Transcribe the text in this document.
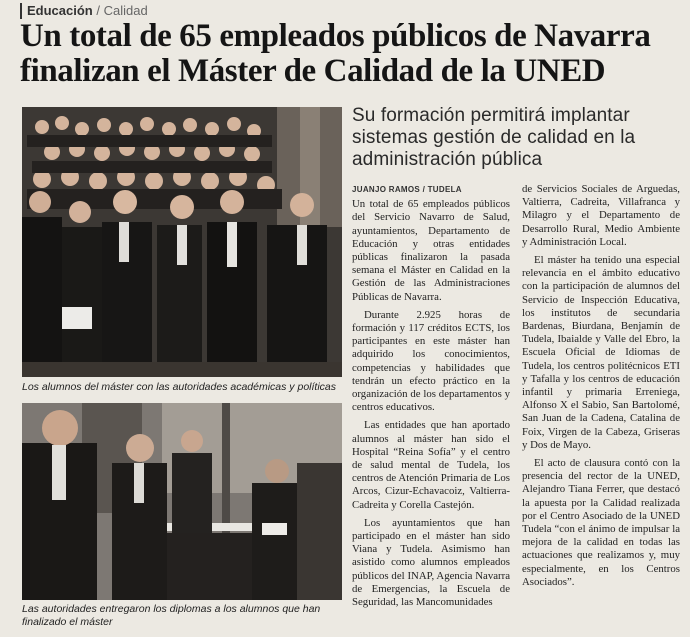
Educación / Calidad
Un total de 65 empleados públicos de Navarra
finalizan el Máster de Calidad de la UNED
Su formación permitirá implantar sistemas gestión de calidad en la administración pública
Los alumnos del máster con las autoridades académicas y políticas
Las autoridades entregaron los diplomas a los alumnos que han finalizado el máster
JUANJO RAMOS / TUDELA

Un total de 65 empleados públicos del Servicio Navarro de Salud, ayuntamientos, Departamento de Educación y otras entidades públicas finalizaron la pasada semana el Máster en Calidad en la Gestión de las Administraciones Públicas de Navarra.

Durante 2.925 horas de formación y 117 créditos ECTS, los participantes en este máster han adquirido los conocimientos, competencias y habilidades que tendrán un efecto práctico en la organización de los departamentos y centros educativos.

Las entidades que han aportado alumnos al máster han sido el Hospital “Reina Sofía” y el centro de salud mental de Tudela, los centros de Atención Primaria de Los Arcos, Cizur-Echavacoiz, Valtierra-Cadreita y Corella Castejón.

Los ayuntamientos que han participado en el máster han sido Viana y Tudela. Asimismo han asistido como alumnos empleados públicos del INAP, Agencia Navarra de Emergencias, la Escuela de Seguridad, las Mancomunidades

de Servicios Sociales de Arguedas, Valtierra, Cadreita, Villafranca y Milagro y el Departamento de Desarrollo Rural, Medio Ambiente y Administración Local.

El máster ha tenido una especial relevancia en el ámbito educativo con la participación de alumnos del Servicio de Inspección Educativa, los institutos de secundaria Bardenas, Biurdana, Benjamín de Tudela, Ibaialde y Valle del Ebro, la Escuela Oficial de Idiomas de Tudela, los centros politécnicos ETI y Tafalla y los centros de educación infantil y primaria Erreniega, Alfonso X el Sabio, San Bartolomé, San Juan de la Cadena, Catalina de Foix, Virgen de la Cabeza, Griseras y Dos de Mayo.

El acto de clausura contó con la presencia del rector de la UNED, Alejandro Tiana Ferrer, que destacó la apuesta por la Calidad realizada por el Centro Asociado de la UNED Tudela “con el ánimo de impulsar la mejora de la calidad en todas las actuaciones que realizamos y, muy especialmente, en los Centros Asociados”.
